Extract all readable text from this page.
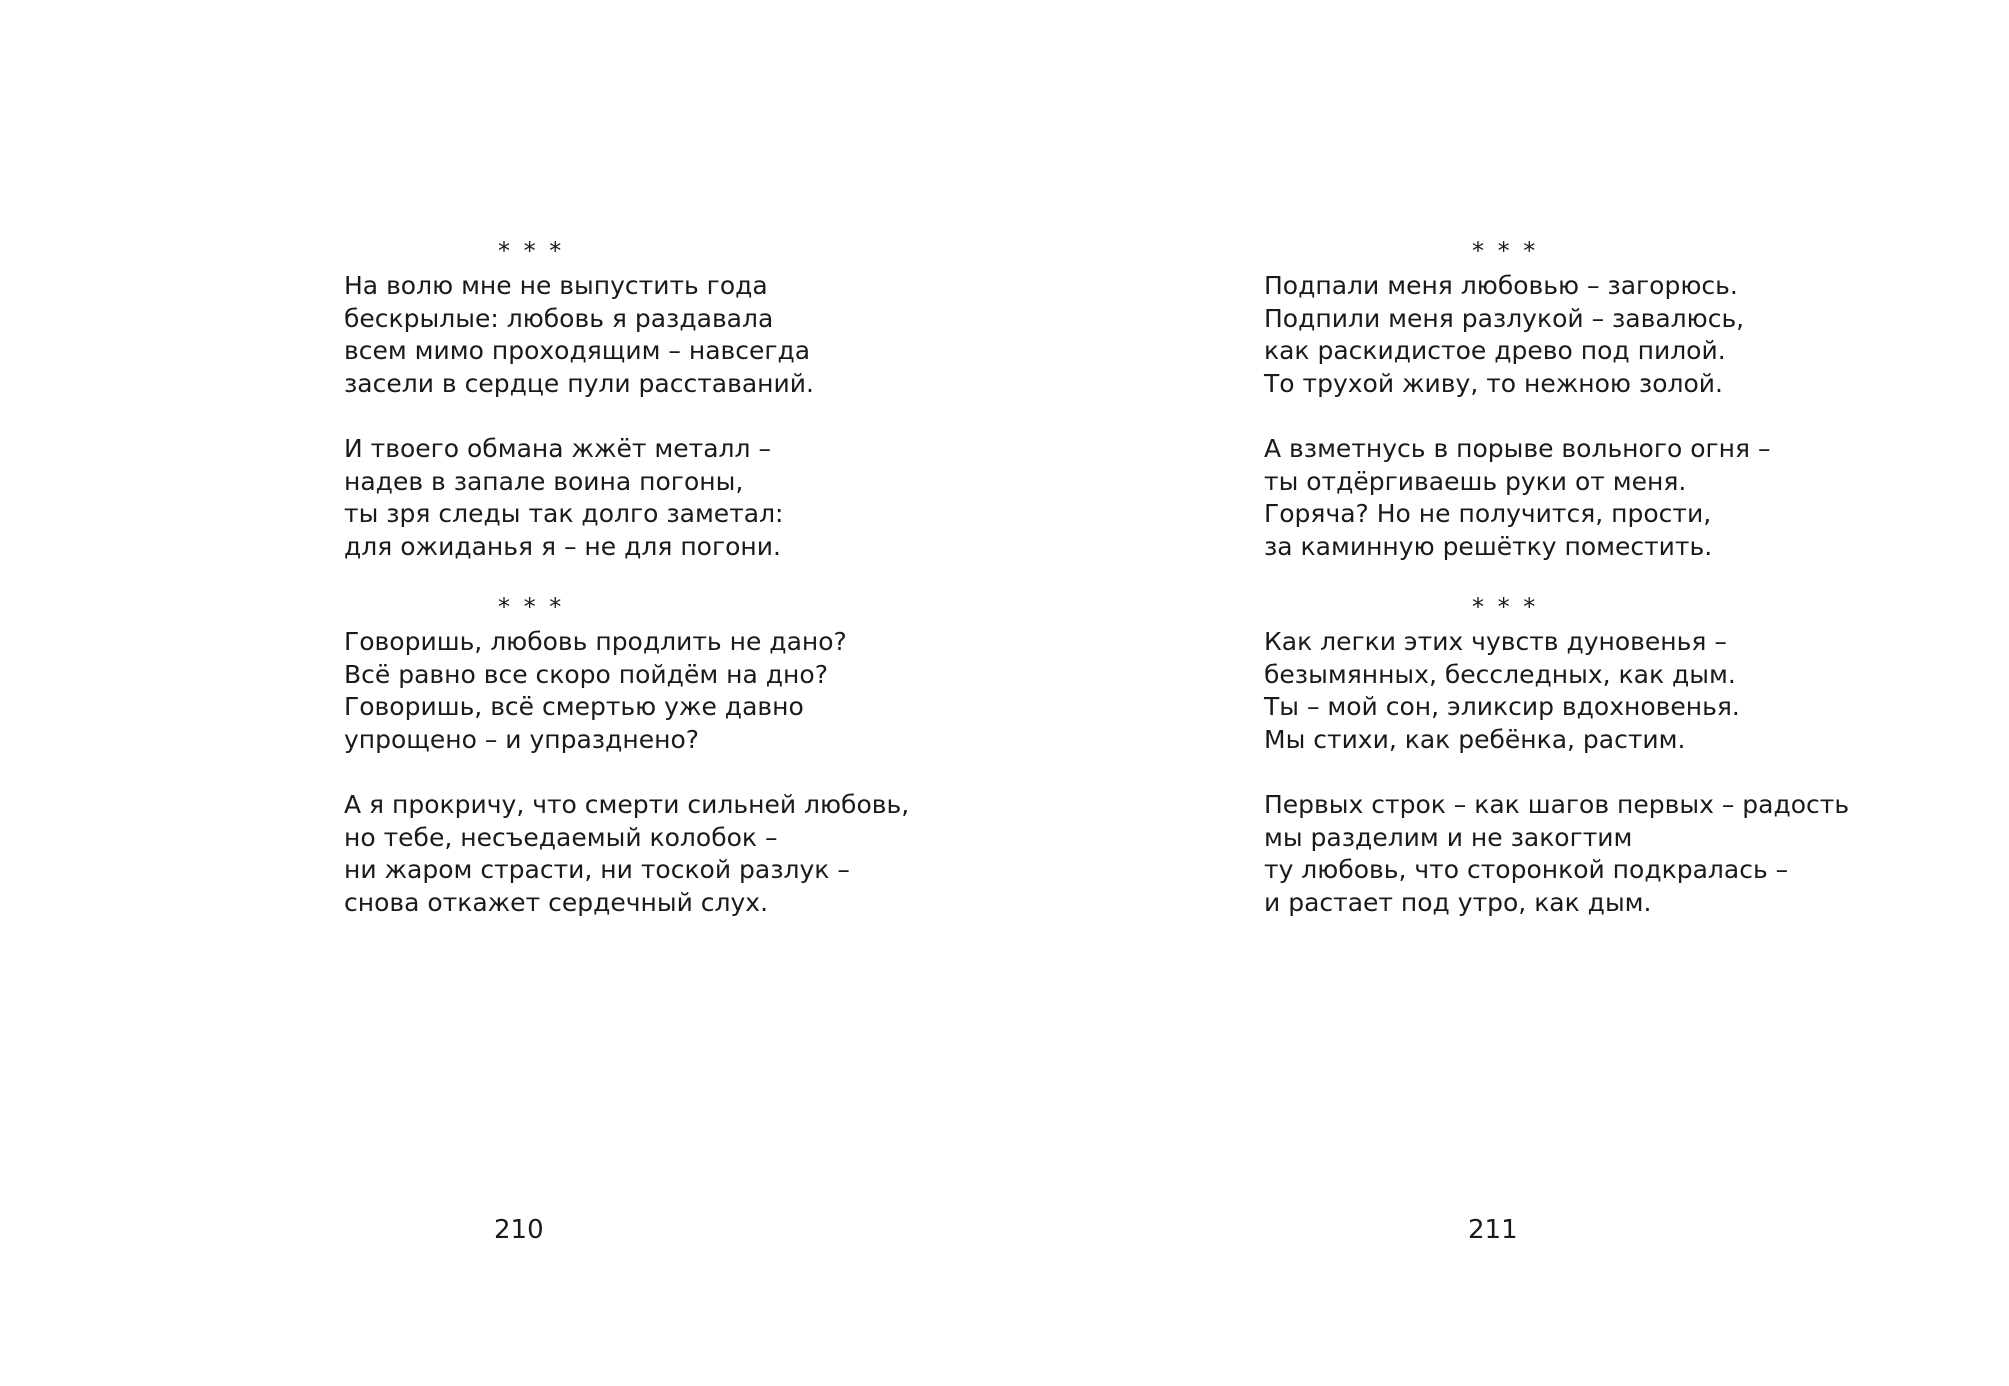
* * *

На волю мне не выпустить года
бескрылые: любовь я раздавала
всем мимо проходящим – навсегда
засели в сердце пули расставаний.

И твоего обмана жжёт металл –
надев в запале воина погоны,
ты зря следы так долго заметал:
для ожиданья я – не для погони.

* * *

Говоришь, любовь продлить не дано?
Всё равно все скоро пойдём на дно?
Говоришь, всё смертью уже давно
упрощено – и упразднено?

А я прокричу, что смерти сильней любовь,
но тебе, несъедаемый колобок –
ни жаром страсти, ни тоской разлук –
снова откажет сердечный слух.

210
* * *

Подпали меня любовью – загорюсь.
Подпили меня разлукой – завалюсь,
как раскидистое древо под пилой.
То трухой живу, то нежною золой.

А взметнусь в порыве вольного огня –
ты отдёргиваешь руки от меня.
Горяча? Но не получится, прости,
за каминную решётку поместить.

* * *

Как легки этих чувств дуновенья –
безымянных, бесследных, как дым.
Ты – мой сон, эликсир вдохновенья.
Мы стихи, как ребёнка, растим.

Первых строк – как шагов первых – радость
мы разделим и не закогтим
ту любовь, что сторонкой подкралась –
и растает под утро, как дым.

211
